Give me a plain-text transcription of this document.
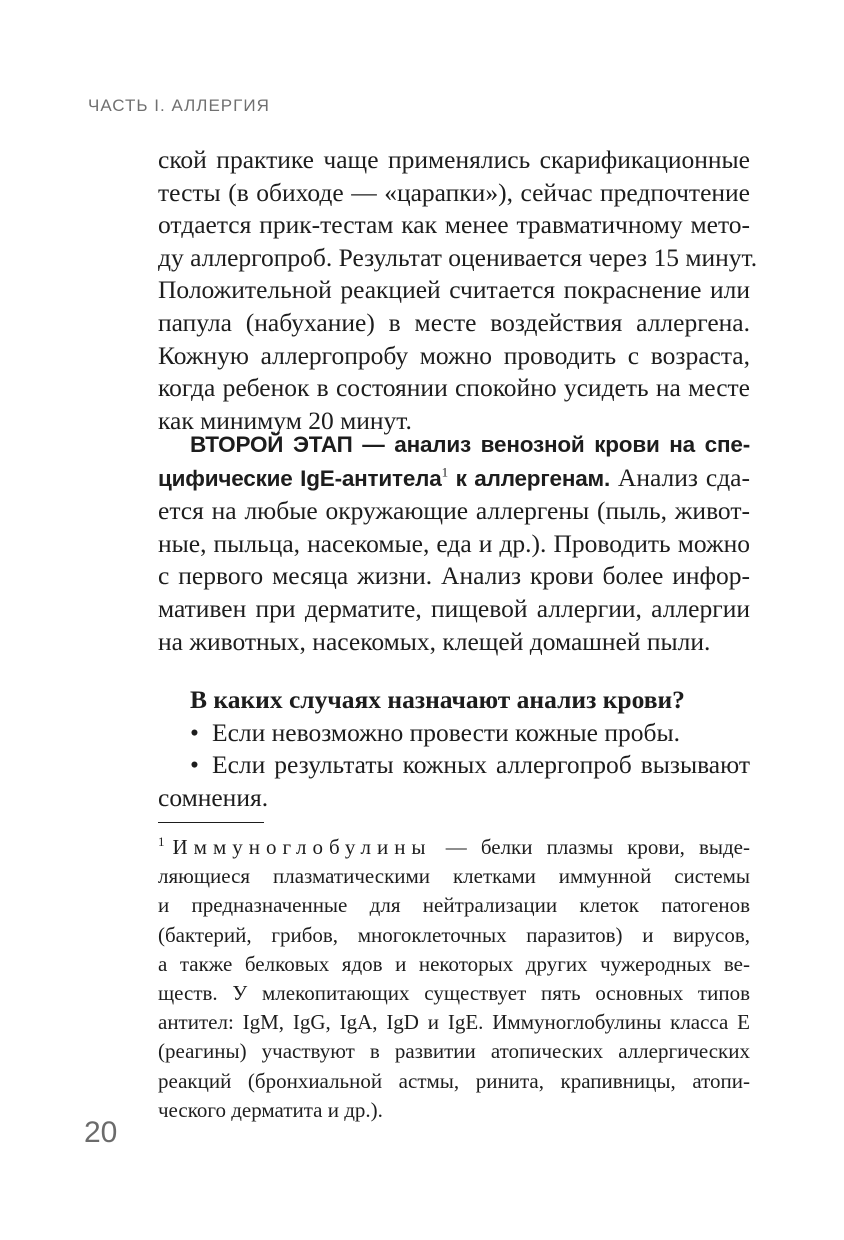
ЧАСТЬ I. АЛЛЕРГИЯ
ской практике чаще применялись скарификационные
тесты (в обиходе — «царапки»), сейчас предпочтение
отдается прик-тестам как менее травматичному мето-
ду аллергопроб. Результат оценивается через 15 минут.
Положительной реакцией считается покраснение или
папула (набухание) в месте воздействия аллергена.
Кожную аллергопробу можно проводить с возраста,
когда ребенок в состоянии спокойно усидеть на месте
как минимум 20 минут.
ВТОРОЙ ЭТАП — анализ венозной крови на спе-
цифические IgE-антитела$^1$ к аллергенам. Анализ сда-
ется на любые окружающие аллергены (пыль, живот-
ные, пыльца, насекомые, еда и др.). Проводить можно
с первого месяца жизни. Анализ крови более инфор-
мативен при дерматите, пищевой аллергии, аллергии
на животных, насекомых, клещей домашней пыли.
В каких случаях назначают анализ крови?
• Если невозможно провести кожные пробы.
• Если результаты кожных аллергопроб вызывают
сомнения.
$^1$ Иммуноглобулины — белки плазмы крови, выде-
ляющиеся плазматическими клетками иммунной системы
и предназначенные для нейтрализации клеток патогенов
(бактерий, грибов, многоклеточных паразитов) и вирусов,
а также белковых ядов и некоторых других чужеродных ве-
ществ. У млекопитающих существует пять основных типов
антител: IgM, IgG, IgA, IgD и IgE. Иммуноглобулины класса E
(реагины) участвуют в развитии атопических аллергических
реакций (бронхиальной астмы, ринита, крапивницы, атопи-
ческого дерматита и др.).
20
